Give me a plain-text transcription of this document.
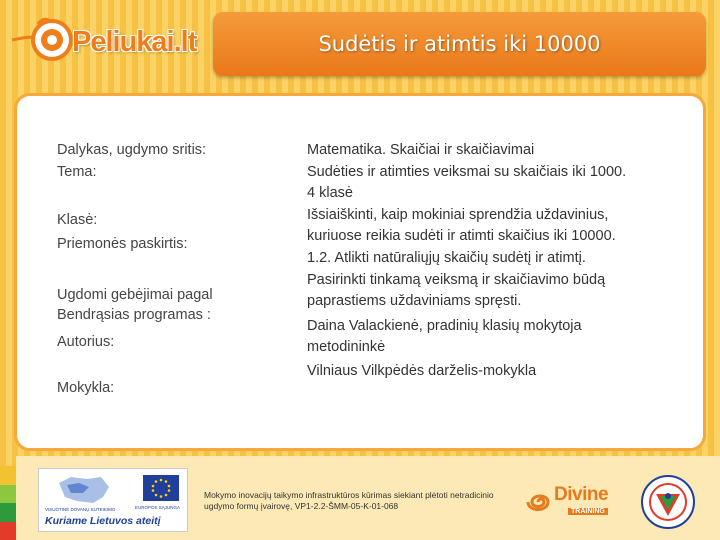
Peliukai.lt	Sudėtis ir atimtis iki 10000
Dalykas, ugdymo sritis:
Tema:
Klasė:
Priemonės paskirtis:
Ugdomi gebėjimai pagal
Bendrąsias programas :
Autorius:
Mokykla:
Matematika. Skaičiai ir skaičiavimai
Sudėties ir atimties veiksmai su skaičiais iki 1000.
4 klasė
Išsiaiškinti, kaip mokiniai sprendžia uždavinius,
kuriuose reikia sudėti ir atimti skaičius iki 10000.
1.2. Atlikti natūraliųjų skaičių sudėtį ir atimtį.
Pasirinkti tinkamą veiksmą ir skaičiavimo būdą
paprastiems uždaviniams spręsti.
Daina Valackienė, pradinių klasių mokytoja
metodininkė
Vilniaus Vilkpėdės darželis-mokykla
VISUOTINĖ DOVANŲ SUTEIKIMO	EUROPOS SĄJUNGA
Kuriame Lietuvos ateitį
Mokymo inovacijų taikymo infrastruktūros kūrimas siekiant plėtoti netradicinio ugdymo formų įvairovę, VP1-2.2-ŠMM-05-K-01-068
Divine
TRAINING
